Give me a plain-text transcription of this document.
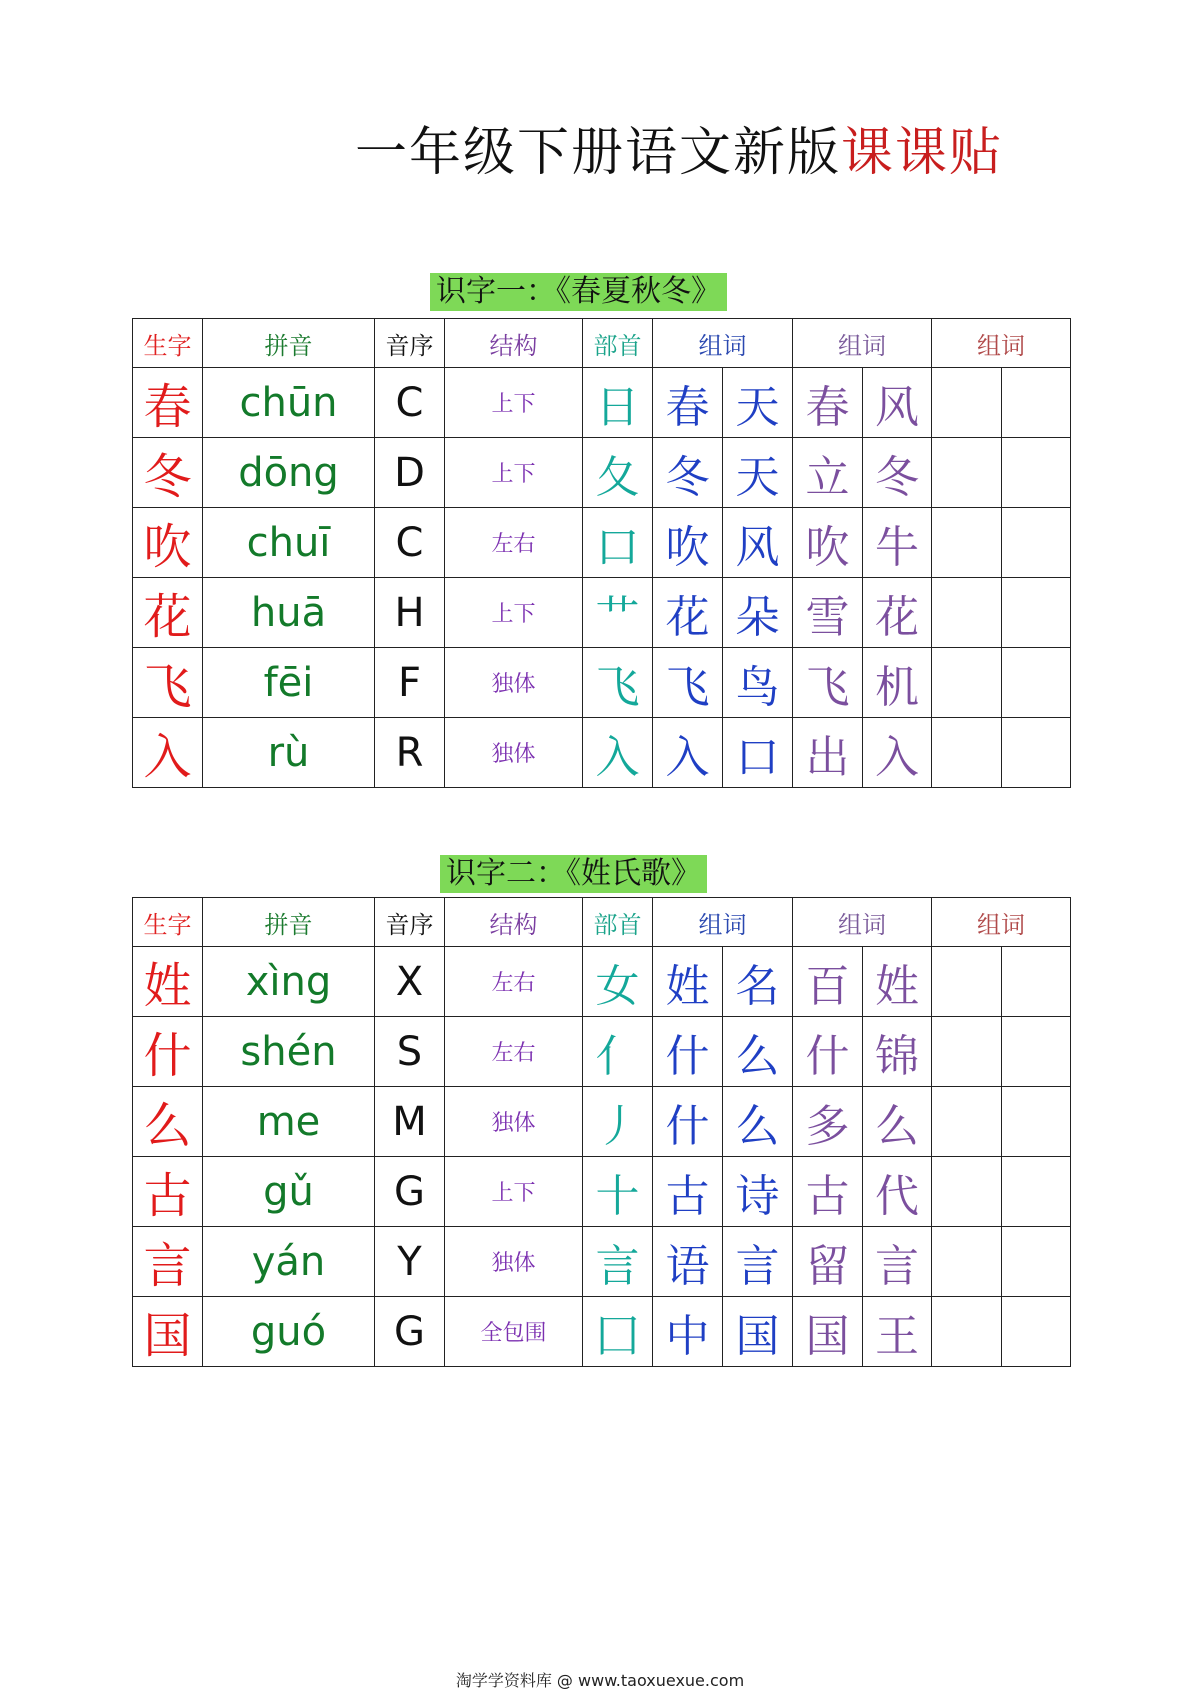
一年级下册语文新版课课贴
识字一：《春夏秋冬》
生字	拼音	音序	结构	部首	组词		组词		组词	
春	chūn	C	上下	日	春	天	春	风		
冬	dōng	D	上下	夂	冬	天	立	冬		
吹	chuī	C	左右	口	吹	风	吹	牛		
花	huā	H	上下	艹	花	朵	雪	花		
飞	fēi	F	独体	飞	飞	鸟	飞	机		
入	rù	R	独体	入	入	口	出	入		
识字二：《姓氏歌》
生字	拼音	音序	结构	部首	组词		组词		组词	
姓	xìng	X	左右	女	姓	名	百	姓		
什	shén	S	左右	亻	什	么	什	锦		
么	me	M	独体	丿	什	么	多	么		
古	gǔ	G	上下	十	古	诗	古	代		
言	yán	Y	独体	言	语	言	留	言		
国	guó	G	全包围	囗	中	国	国	王		
淘学学资料库 @ www.taoxuexue.com
